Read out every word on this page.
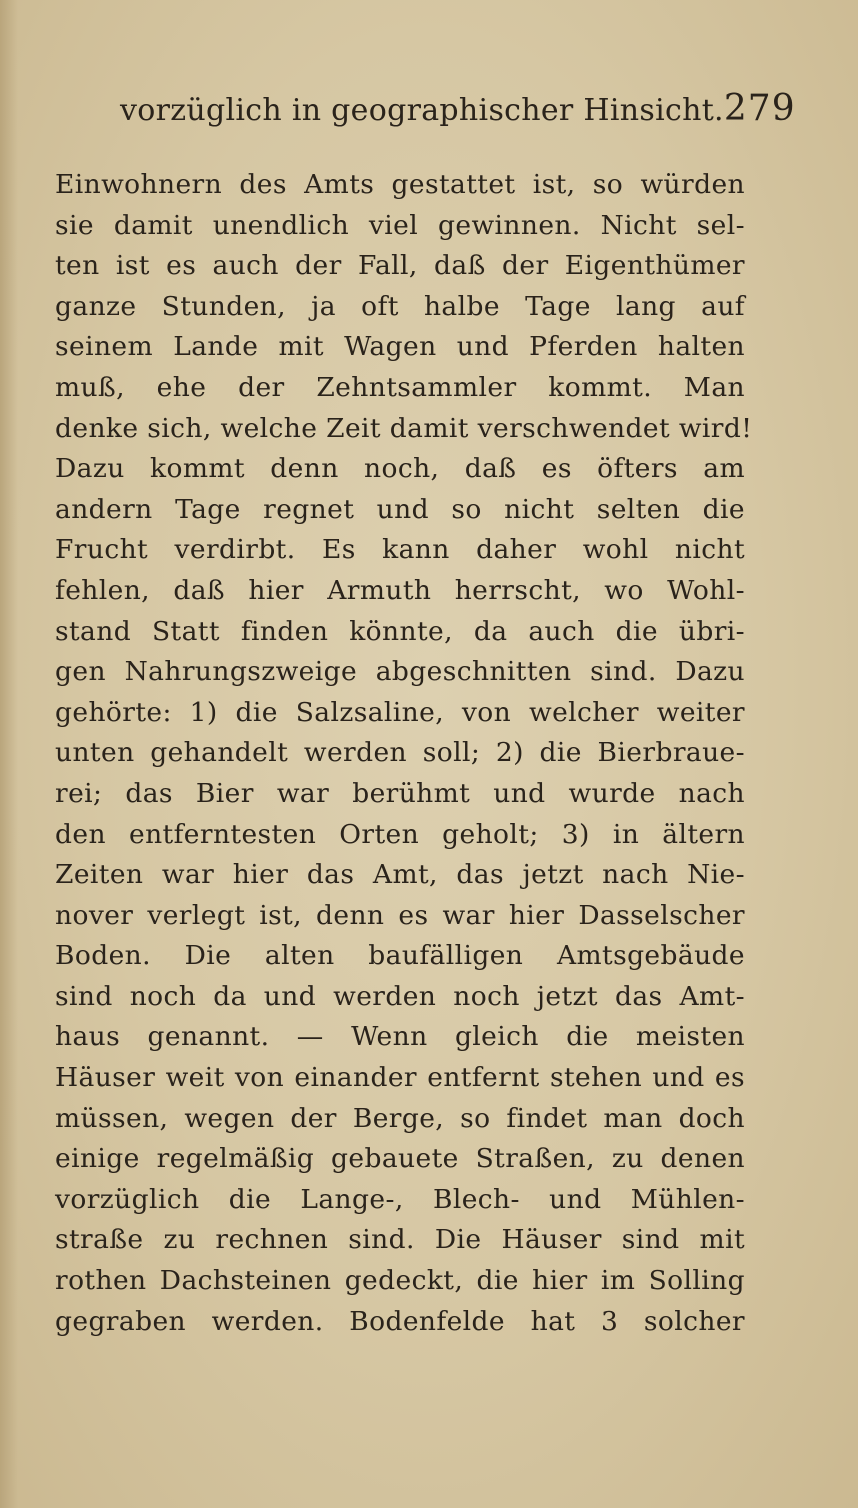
vorzüglich in geographischer Hinsicht. 279
Einwohnern des Amts gestattet ist, so würden
sie damit unendlich viel gewinnen. Nicht sel-
ten ist es auch der Fall, daß der Eigenthümer
ganze Stunden, ja oft halbe Tage lang auf
seinem Lande mit Wagen und Pferden halten
muß, ehe der Zehntsammler kommt. Man
denke sich, welche Zeit damit verschwendet wird!
Dazu kommt denn noch, daß es öfters am
andern Tage regnet und so nicht selten die
Frucht verdirbt. Es kann daher wohl nicht
fehlen, daß hier Armuth herrscht, wo Wohl-
stand Statt finden könnte, da auch die übri-
gen Nahrungszweige abgeschnitten sind. Dazu
gehörte: 1) die Salzsaline, von welcher weiter
unten gehandelt werden soll; 2) die Bierbraue-
rei; das Bier war berühmt und wurde nach
den entferntesten Orten geholt; 3) in ältern
Zeiten war hier das Amt, das jetzt nach Nie-
nover verlegt ist, denn es war hier Dasselscher
Boden. Die alten baufälligen Amtsgebäude
sind noch da und werden noch jetzt das Amt-
haus genannt. — Wenn gleich die meisten
Häuser weit von einander entfernt stehen und es
müssen, wegen der Berge, so findet man doch
einige regelmäßig gebauete Straßen, zu denen
vorzüglich die Lange-, Blech- und Mühlen-
straße zu rechnen sind. Die Häuser sind mit
rothen Dachsteinen gedeckt, die hier im Solling
gegraben werden. Bodenfelde hat 3 solcher
